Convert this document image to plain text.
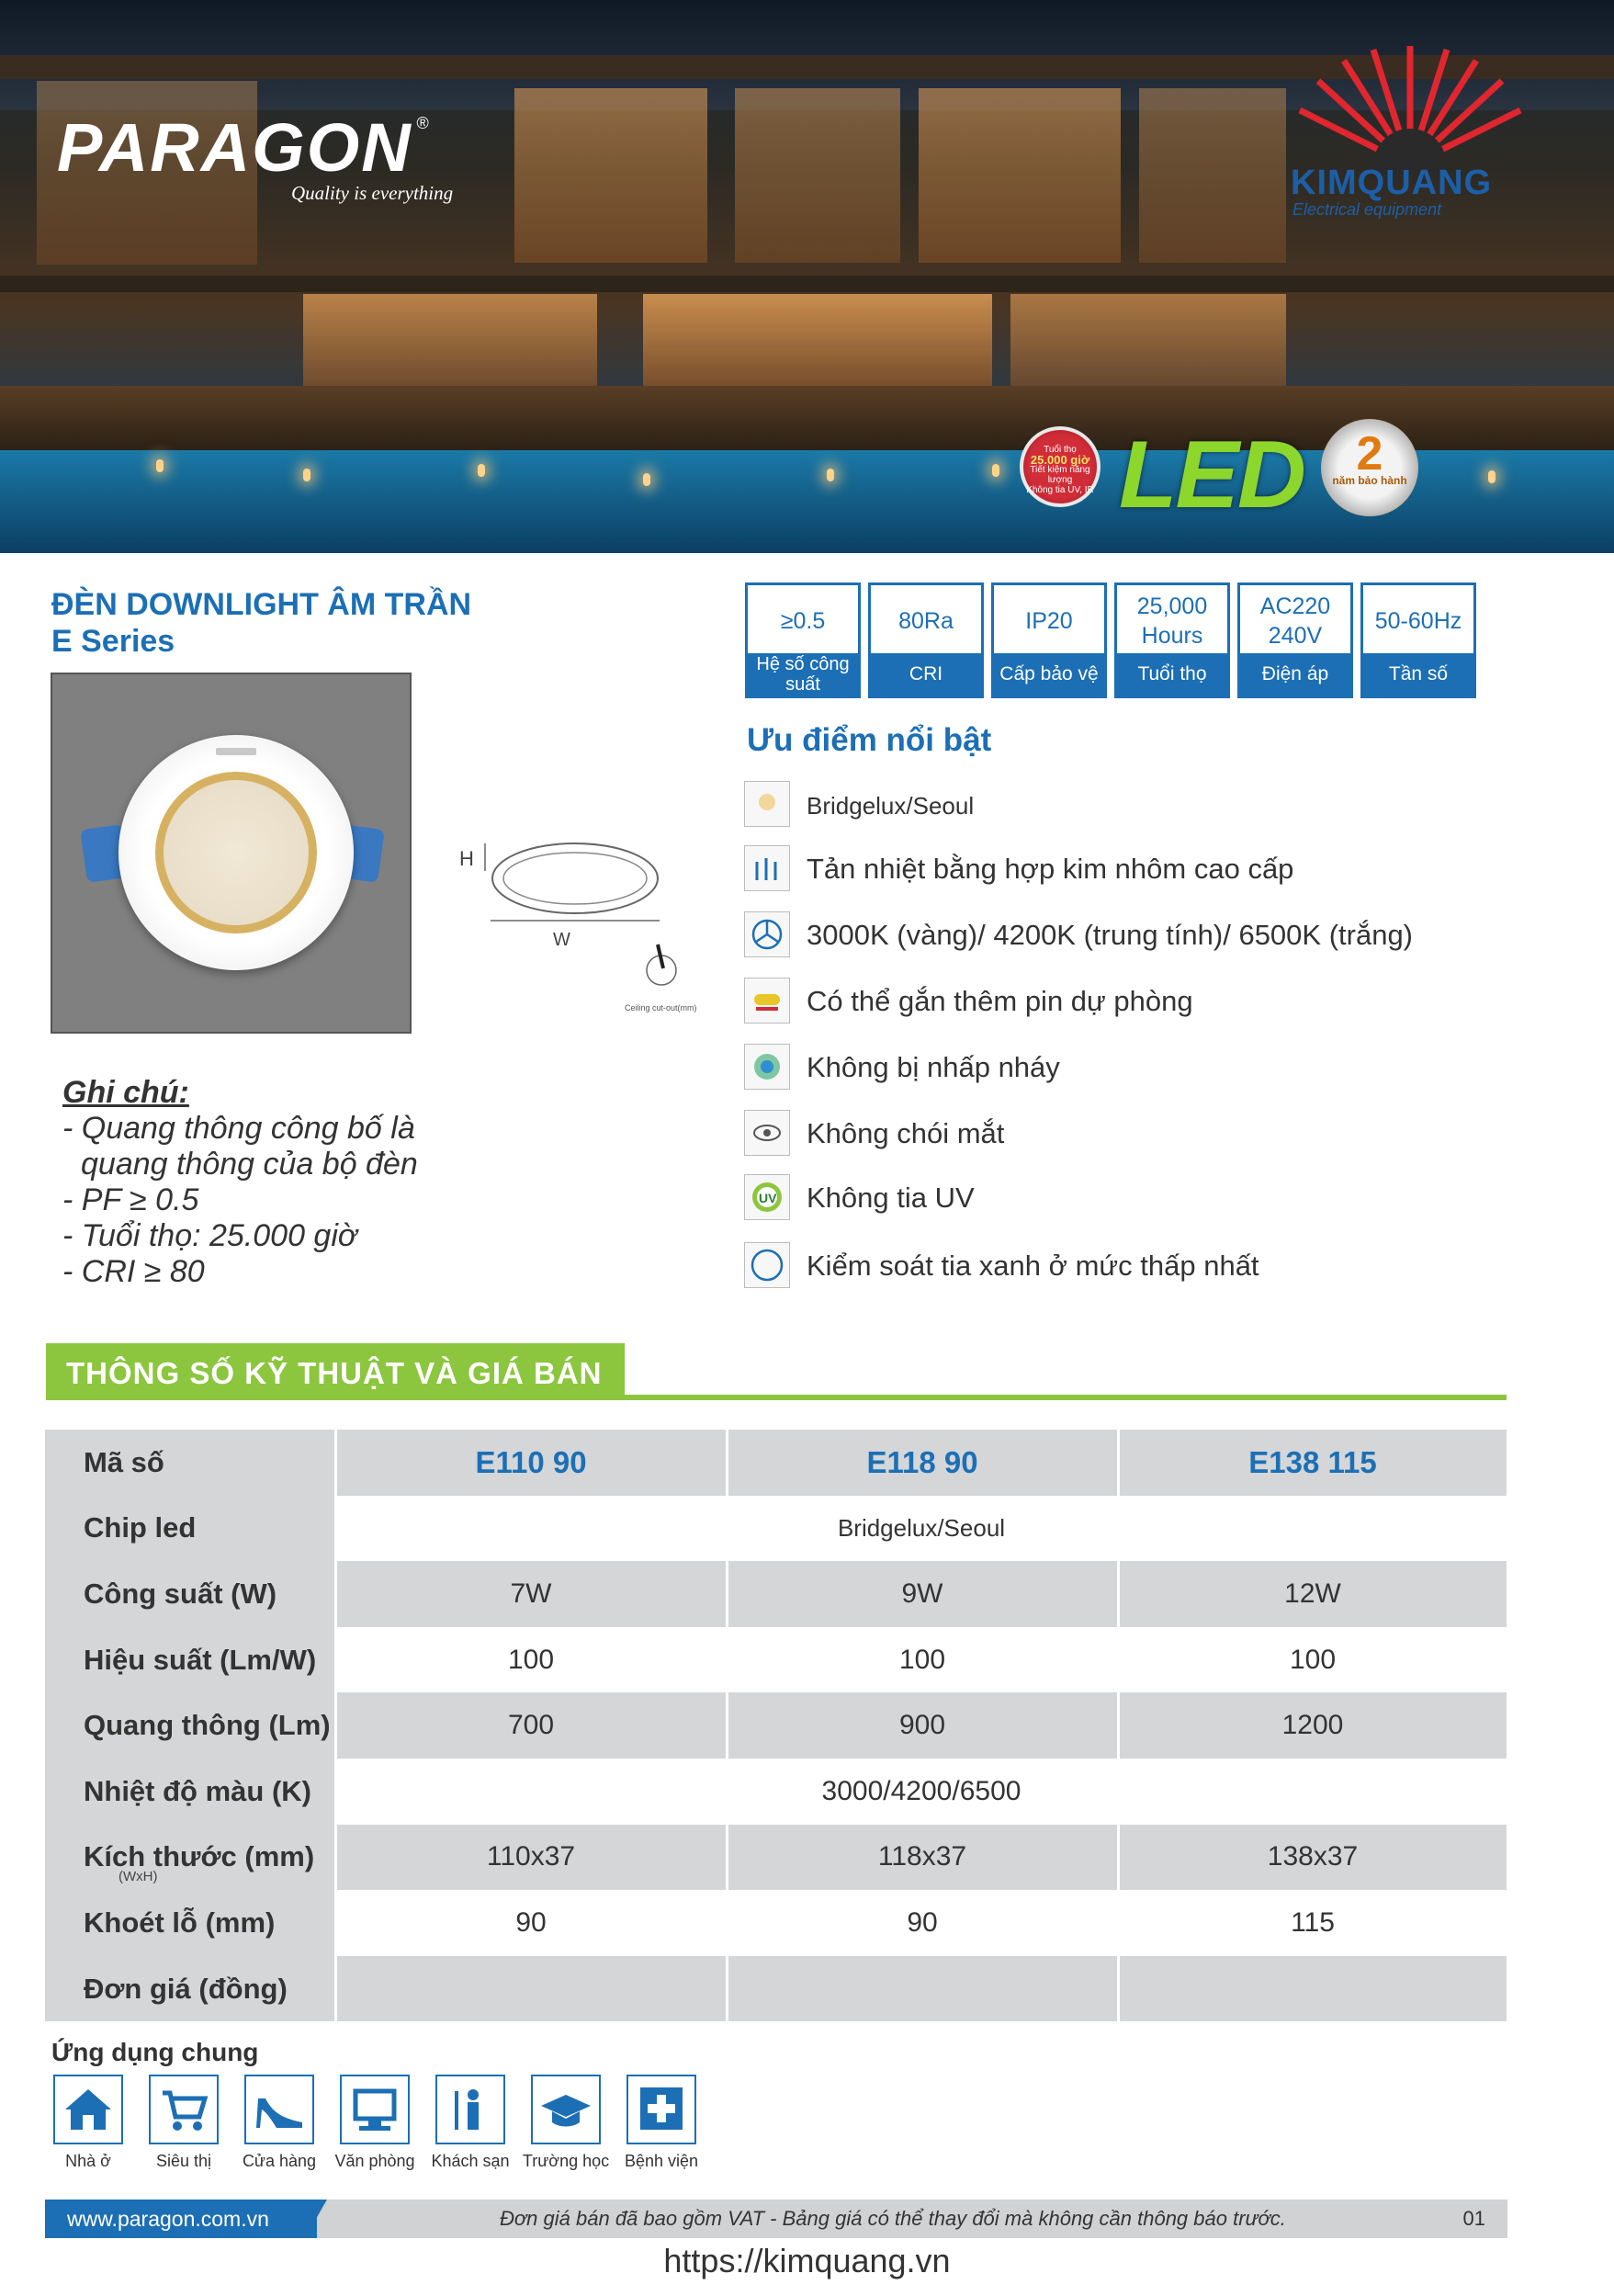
PARAGON ®
Quality is everything	KIMQUANG
Electrical equipment
Tuổi thọ
25.000 giờ
Tiết kiệm năng lượng
Không tia UV, IR LED	2
năm bảo hành
ĐÈN DOWNLIGHT ÂM TRẦN
E Series
H
W
Ceiling cut-out(mm)
Ghi chú:
- Quang thông công bố là
quang thông của bộ đèn
- PF ≥ 0.5
- Tuổi thọ: 25.000 giờ
- CRI ≥ 80
≥0.5
Hệ số công suất
80Ra
CRI
IP20
Cấp bảo vệ
25,000 Hours
Tuổi thọ
AC220 240V
Điện áp
50-60Hz
Tần số
Ưu điểm nổi bật
Bridgelux/Seoul
Tản nhiệt bằng hợp kim nhôm cao cấp
3000K (vàng)/ 4200K (trung tính)/ 6500K (trắng)
Có thể gắn thêm pin dự phòng
Không bị nhấp nháy
Không chói mắt
UV Không tia UV
Kiểm soát tia xanh ở mức thấp nhất
THÔNG SỐ KỸ THUẬT VÀ GIÁ BÁN
Mã số	E110 90	E118 90	E138 115
Chip led	Bridgelux/Seoul		
Công suất (W)	7W	9W	12W
Hiệu suất (Lm/W)	100	100	100
Quang thông (Lm)	700	900	1200
Nhiệt độ màu (K)	3000/4200/6500		
Kích thước (mm)
(WxH)	110x37	118x37	138x37
Khoét lỗ (mm)	90	90	115
Đơn giá (đồng)			
Ứng dụng chung
Nhà ở	Siêu thị	Cửa hàng	Văn phòng Khách sạn Trường học Bệnh viện
www.paragon.com.vn	Đơn giá bán đã bao gồm VAT - Bảng giá có thể thay đổi mà không cần thông báo trước.	01
https://kimquang.vn
